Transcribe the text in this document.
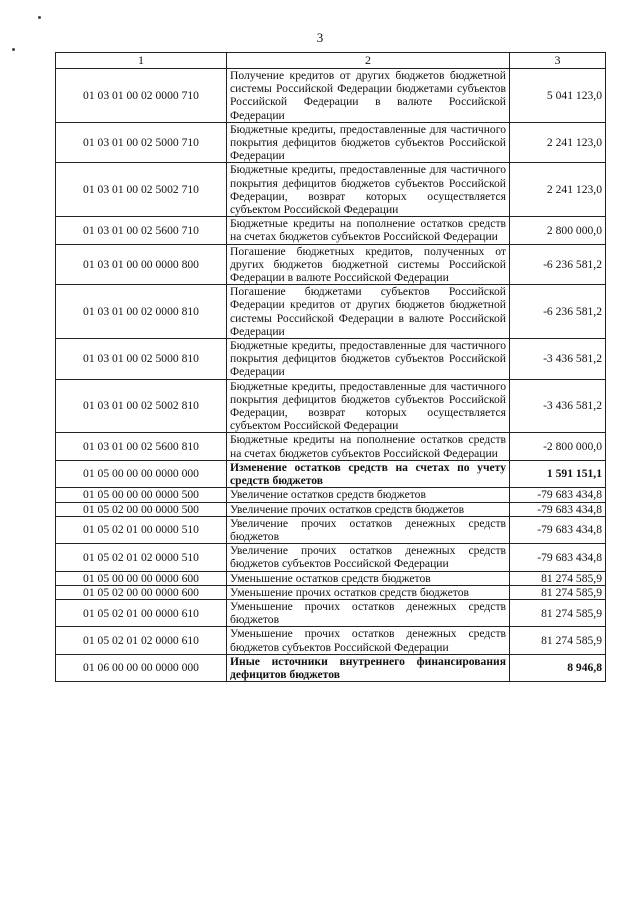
3
1	2	3
01 03 01 00 02 0000 710	Получение кредитов от других бюджетов бюджетной системы Российской Федерации бюджетами субъектов Российской Федерации в валюте Российской Федерации	5 041 123,0
01 03 01 00 02 5000 710	Бюджетные кредиты, предоставленные для частичного покрытия дефицитов бюджетов субъектов Российской Федерации	2 241 123,0
01 03 01 00 02 5002 710	Бюджетные кредиты, предоставленные для частичного покрытия дефицитов бюджетов субъектов Российской Федерации, возврат которых осуществляется субъектом Российской Федерации	2 241 123,0
01 03 01 00 02 5600 710	Бюджетные кредиты на пополнение остатков средств на счетах бюджетов субъектов Российской Федерации	2 800 000,0
01 03 01 00 00 0000 800	Погашение бюджетных кредитов, полученных от других бюджетов бюджетной системы Российской Федерации в валюте Российской Федерации	-6 236 581,2
01 03 01 00 02 0000 810	Погашение бюджетами субъектов Российской Федерации кредитов от других бюджетов бюджетной системы Российской Федерации в валюте Российской Федерации	-6 236 581,2
01 03 01 00 02 5000 810	Бюджетные кредиты, предоставленные для частичного покрытия дефицитов бюджетов субъектов Российской Федерации	-3 436 581,2
01 03 01 00 02 5002 810	Бюджетные кредиты, предоставленные для частичного покрытия дефицитов бюджетов субъектов Российской Федерации, возврат которых осуществляется субъектом Российской Федерации	-3 436 581,2
01 03 01 00 02 5600 810	Бюджетные кредиты на пополнение остатков средств на счетах бюджетов субъектов Российской Федерации	-2 800 000,0
01 05 00 00 00 0000 000	Изменение остатков средств на счетах по учету средств бюджетов	1 591 151,1
01 05 00 00 00 0000 500	Увеличение остатков средств бюджетов	-79 683 434,8
01 05 02 00 00 0000 500	Увеличение прочих остатков средств бюджетов	-79 683 434,8
01 05 02 01 00 0000 510	Увеличение прочих остатков денежных средств бюджетов	-79 683 434,8
01 05 02 01 02 0000 510	Увеличение прочих остатков денежных средств бюджетов субъектов Российской Федерации	-79 683 434,8
01 05 00 00 00 0000 600	Уменьшение остатков средств бюджетов	81 274 585,9
01 05 02 00 00 0000 600	Уменьшение прочих остатков средств бюджетов	81 274 585,9
01 05 02 01 00 0000 610	Уменьшение прочих остатков денежных средств бюджетов	81 274 585,9
01 05 02 01 02 0000 610	Уменьшение прочих остатков денежных средств бюджетов субъектов Российской Федерации	81 274 585,9
01 06 00 00 00 0000 000	Иные источники внутреннего финансирования дефицитов бюджетов	8 946,8
